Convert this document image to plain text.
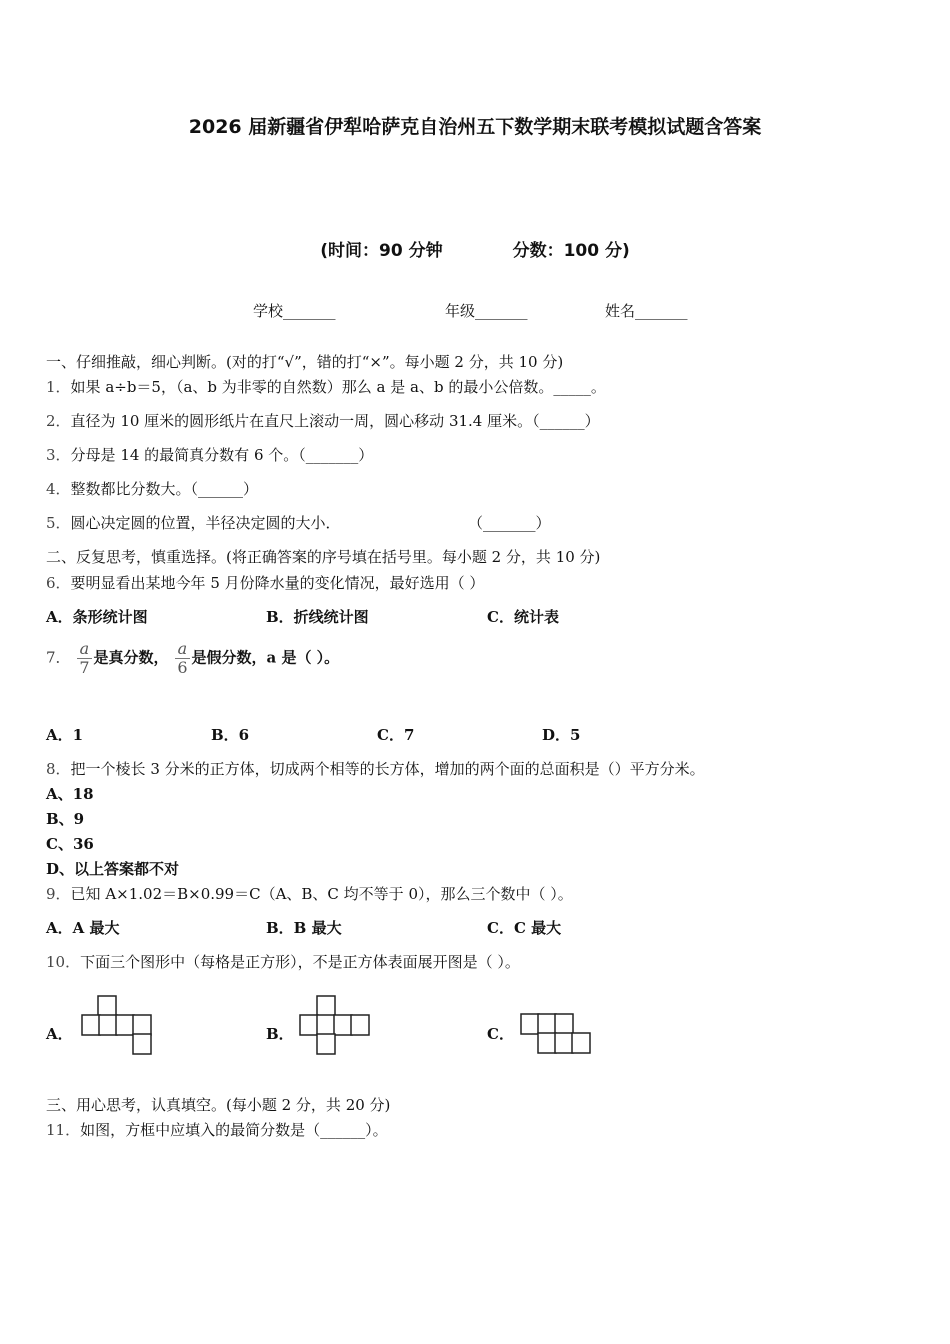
2026 届新疆省伊犁哈萨克自治州五下数学期末联考模拟试题含答案
(时间：90 分钟	分数：100 分)
学校_______	年级_______	姓名_______
一、仔细推敲，细心判断。(对的打“√”，错的打“×”。每小题 2 分，共 10 分)
1．如果 a÷b＝5，（a、b 为非零的自然数）那么 a 是 a、b 的最小公倍数。_____。
2．直径为 10 厘米的圆形纸片在直尺上滚动一周，圆心移动 31.4 厘米。（______）
3．分母是 14 的最简真分数有 6 个。（_______）
4．整数都比分数大。（______）
5．圆心决定圆的位置，半径决定圆的大小．	（_______）
二、反复思考，慎重选择。(将正确答案的序号填在括号里。每小题 2 分，共 10 分)
6．要明显看出某地今年 5 月份降水量的变化情况，最好选用（ ）
A．条形统计图	B．折线统计图	C．统计表
7． $\frac{a}{7}$ 是真分数， $\frac{a}{6}$ 是假分数，a 是（ ）。
A．1	B．6	C．7	D．5
8．把一个棱长 3 分米的正方体，切成两个相等的长方体，增加的两个面的总面积是（）平方分米。
A、18
B、9
C、36
D、以上答案都不对
9．已知 A×1.02＝B×0.99＝C（A、B、C 均不等于 0），那么三个数中（ ）。
A．A 最大	B．B 最大	C．C 最大
10．下面三个图形中（每格是正方形），不是正方体表面展开图是（ ）。
A．	B．	C．
三、用心思考，认真填空。(每小题 2 分，共 20 分)
11．如图，方框中应填入的最简分数是（______）。
